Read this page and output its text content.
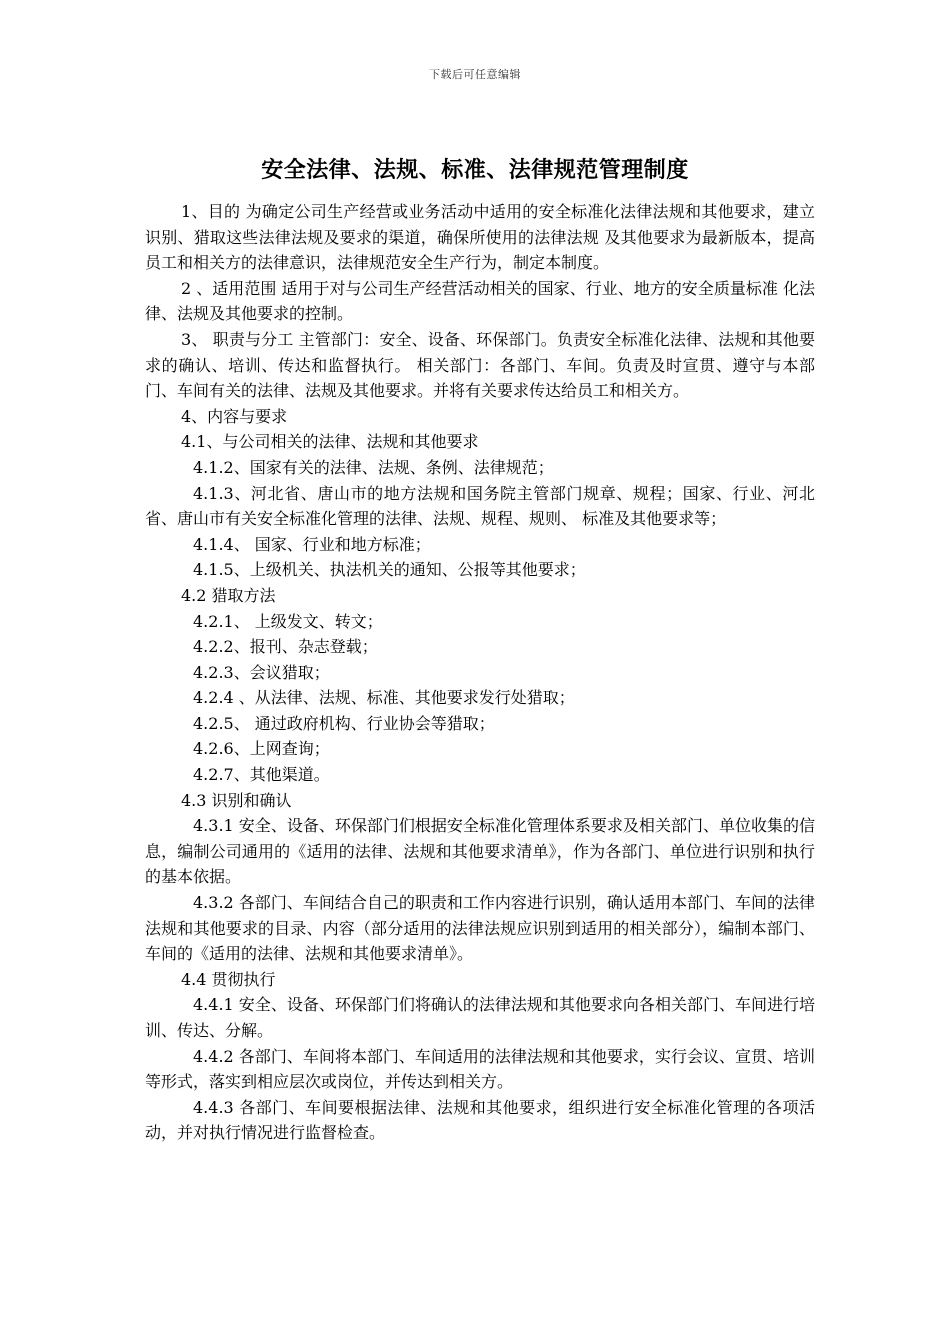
下载后可任意编辑
安全法律、法规、标准、法律规范管理制度

1、目的 为确定公司生产经营或业务活动中适用的安全标准化法律法规和其他要求，建立识别、猎取这些法律法规及要求的渠道，确保所使用的法律法规 及其他要求为最新版本，提高员工和相关方的法律意识，法律规范安全生产行为，制定本制度。

2 、适用范围 适用于对与公司生产经营活动相关的国家、行业、地方的安全质量标准 化法律、法规及其他要求的控制。

3、 职责与分工 主管部门：安全、设备、环保部门。负责安全标准化法律、法规和其他要求的确认、培训、传达和监督执行。 相关部门：各部门、车间。负责及时宣贯、遵守与本部门、车间有关的法律、法规及其他要求。并将有关要求传达给员工和相关方。

4、内容与要求

4.1、与公司相关的法律、法规和其他要求

4.1.2、国家有关的法律、法规、条例、法律规范；

4.1.3、河北省、唐山市的地方法规和国务院主管部门规章、规程；国家、行业、河北省、唐山市有关安全标准化管理的法律、法规、规程、规则、 标准及其他要求等；

4.1.4、 国家、行业和地方标准；

4.1.5、上级机关、执法机关的通知、公报等其他要求；

4.2 猎取方法

4.2.1、 上级发文、转文；

4.2.2、报刊、杂志登载；

4.2.3、会议猎取；

4.2.4 、从法律、法规、标准、其他要求发行处猎取；

4.2.5、 通过政府机构、行业协会等猎取；

4.2.6、上网查询；

4.2.7、其他渠道。

4.3 识别和确认

4.3.1 安全、设备、环保部门们根据安全标准化管理体系要求及相关部门、单位收集的信息，编制公司通用的《适用的法律、法规和其他要求清单》，作为各部门、单位进行识别和执行的基本依据。

4.3.2 各部门、车间结合自己的职责和工作内容进行识别，确认适用本部门、车间的法律法规和其他要求的目录、内容（部分适用的法律法规应识别到适用的相关部分），编制本部门、车间的《适用的法律、法规和其他要求清单》。

4.4 贯彻执行

4.4.1 安全、设备、环保部门们将确认的法律法规和其他要求向各相关部门、车间进行培训、传达、分解。

4.4.2 各部门、车间将本部门、车间适用的法律法规和其他要求，实行会议、宣贯、培训等形式，落实到相应层次或岗位，并传达到相关方。

4.4.3 各部门、车间要根据法律、法规和其他要求，组织进行安全标准化管理的各项活动，并对执行情况进行监督检查。
